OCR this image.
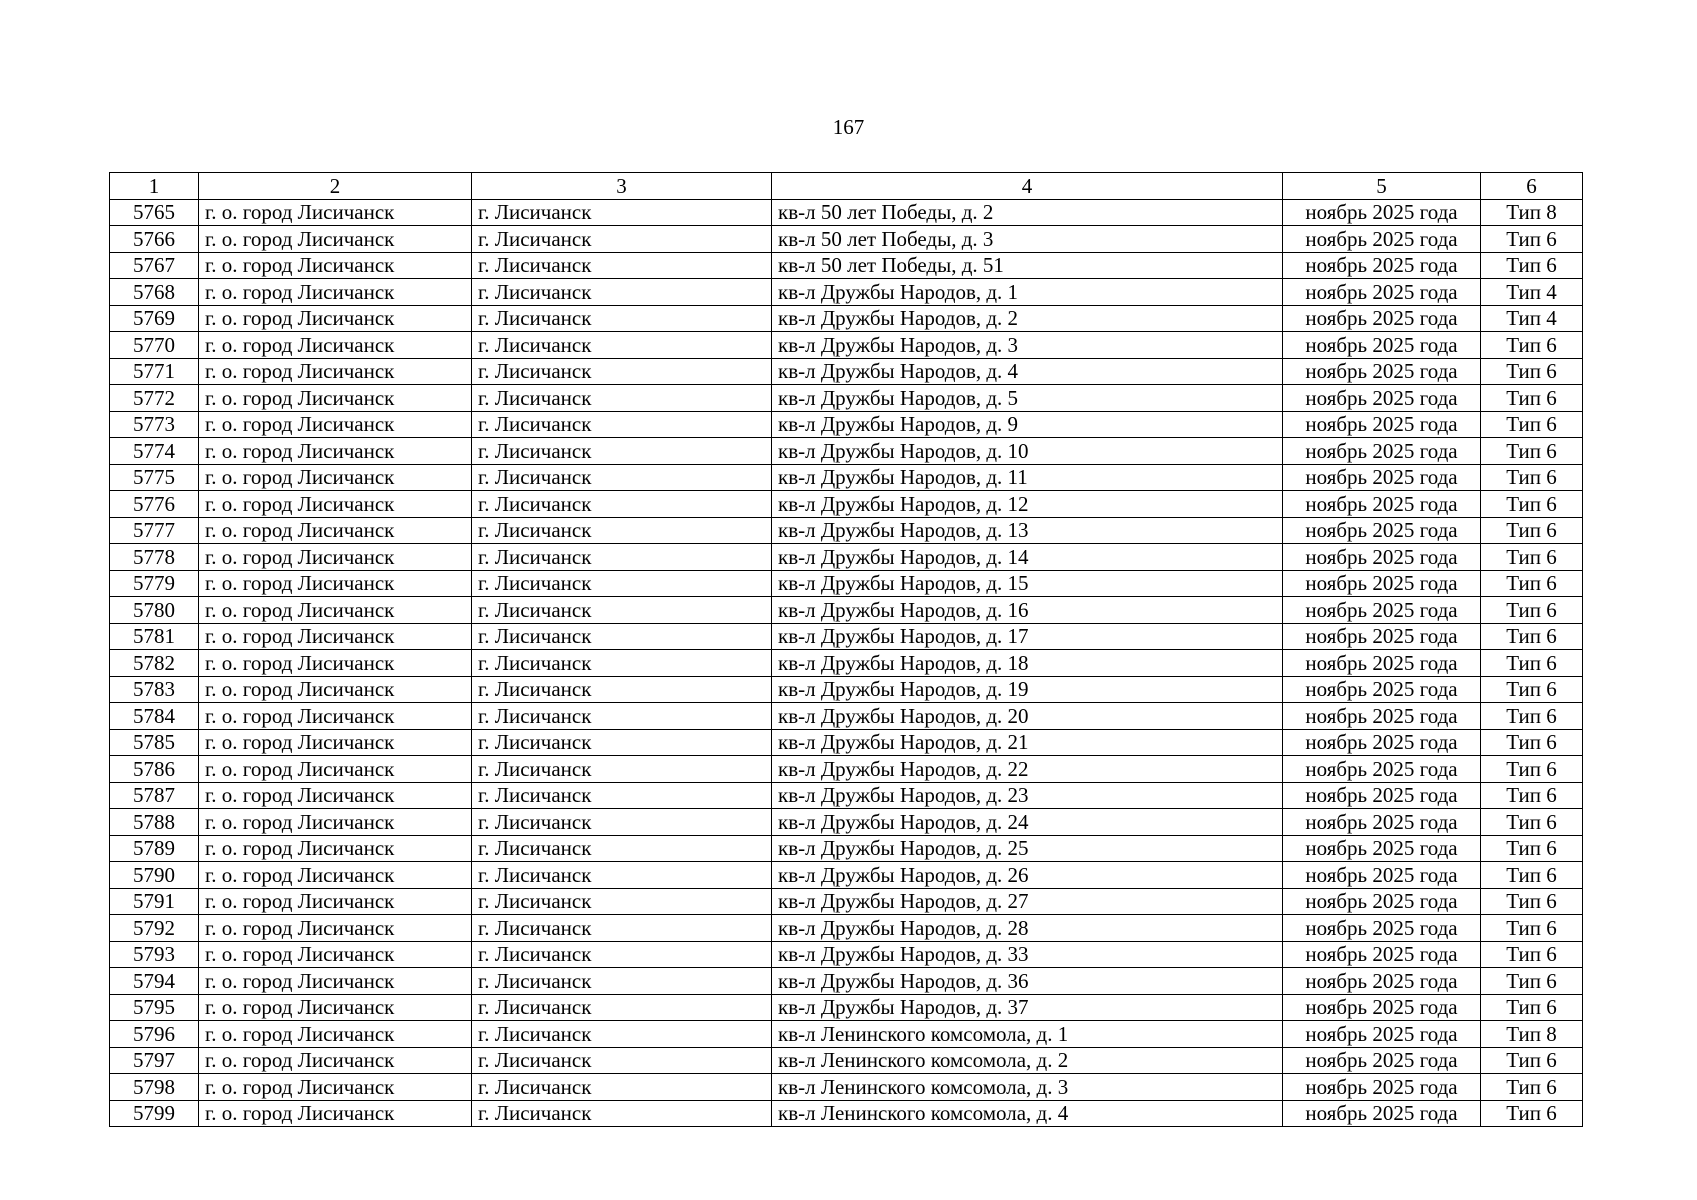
167
1	2	3	4	5	6
5765	г. о. город Лисичанск	г. Лисичанск	кв-л 50 лет Победы, д. 2	ноябрь 2025 года	Тип 8
5766	г. о. город Лисичанск	г. Лисичанск	кв-л 50 лет Победы, д. 3	ноябрь 2025 года	Тип 6
5767	г. о. город Лисичанск	г. Лисичанск	кв-л 50 лет Победы, д. 51	ноябрь 2025 года	Тип 6
5768	г. о. город Лисичанск	г. Лисичанск	кв-л Дружбы Народов, д. 1	ноябрь 2025 года	Тип 4
5769	г. о. город Лисичанск	г. Лисичанск	кв-л Дружбы Народов, д. 2	ноябрь 2025 года	Тип 4
5770	г. о. город Лисичанск	г. Лисичанск	кв-л Дружбы Народов, д. 3	ноябрь 2025 года	Тип 6
5771	г. о. город Лисичанск	г. Лисичанск	кв-л Дружбы Народов, д. 4	ноябрь 2025 года	Тип 6
5772	г. о. город Лисичанск	г. Лисичанск	кв-л Дружбы Народов, д. 5	ноябрь 2025 года	Тип 6
5773	г. о. город Лисичанск	г. Лисичанск	кв-л Дружбы Народов, д. 9	ноябрь 2025 года	Тип 6
5774	г. о. город Лисичанск	г. Лисичанск	кв-л Дружбы Народов, д. 10	ноябрь 2025 года	Тип 6
5775	г. о. город Лисичанск	г. Лисичанск	кв-л Дружбы Народов, д. 11	ноябрь 2025 года	Тип 6
5776	г. о. город Лисичанск	г. Лисичанск	кв-л Дружбы Народов, д. 12	ноябрь 2025 года	Тип 6
5777	г. о. город Лисичанск	г. Лисичанск	кв-л Дружбы Народов, д. 13	ноябрь 2025 года	Тип 6
5778	г. о. город Лисичанск	г. Лисичанск	кв-л Дружбы Народов, д. 14	ноябрь 2025 года	Тип 6
5779	г. о. город Лисичанск	г. Лисичанск	кв-л Дружбы Народов, д. 15	ноябрь 2025 года	Тип 6
5780	г. о. город Лисичанск	г. Лисичанск	кв-л Дружбы Народов, д. 16	ноябрь 2025 года	Тип 6
5781	г. о. город Лисичанск	г. Лисичанск	кв-л Дружбы Народов, д. 17	ноябрь 2025 года	Тип 6
5782	г. о. город Лисичанск	г. Лисичанск	кв-л Дружбы Народов, д. 18	ноябрь 2025 года	Тип 6
5783	г. о. город Лисичанск	г. Лисичанск	кв-л Дружбы Народов, д. 19	ноябрь 2025 года	Тип 6
5784	г. о. город Лисичанск	г. Лисичанск	кв-л Дружбы Народов, д. 20	ноябрь 2025 года	Тип 6
5785	г. о. город Лисичанск	г. Лисичанск	кв-л Дружбы Народов, д. 21	ноябрь 2025 года	Тип 6
5786	г. о. город Лисичанск	г. Лисичанск	кв-л Дружбы Народов, д. 22	ноябрь 2025 года	Тип 6
5787	г. о. город Лисичанск	г. Лисичанск	кв-л Дружбы Народов, д. 23	ноябрь 2025 года	Тип 6
5788	г. о. город Лисичанск	г. Лисичанск	кв-л Дружбы Народов, д. 24	ноябрь 2025 года	Тип 6
5789	г. о. город Лисичанск	г. Лисичанск	кв-л Дружбы Народов, д. 25	ноябрь 2025 года	Тип 6
5790	г. о. город Лисичанск	г. Лисичанск	кв-л Дружбы Народов, д. 26	ноябрь 2025 года	Тип 6
5791	г. о. город Лисичанск	г. Лисичанск	кв-л Дружбы Народов, д. 27	ноябрь 2025 года	Тип 6
5792	г. о. город Лисичанск	г. Лисичанск	кв-л Дружбы Народов, д. 28	ноябрь 2025 года	Тип 6
5793	г. о. город Лисичанск	г. Лисичанск	кв-л Дружбы Народов, д. 33	ноябрь 2025 года	Тип 6
5794	г. о. город Лисичанск	г. Лисичанск	кв-л Дружбы Народов, д. 36	ноябрь 2025 года	Тип 6
5795	г. о. город Лисичанск	г. Лисичанск	кв-л Дружбы Народов, д. 37	ноябрь 2025 года	Тип 6
5796	г. о. город Лисичанск	г. Лисичанск	кв-л Ленинского комсомола, д. 1	ноябрь 2025 года	Тип 8
5797	г. о. город Лисичанск	г. Лисичанск	кв-л Ленинского комсомола, д. 2	ноябрь 2025 года	Тип 6
5798	г. о. город Лисичанск	г. Лисичанск	кв-л Ленинского комсомола, д. 3	ноябрь 2025 года	Тип 6
5799	г. о. город Лисичанск	г. Лисичанск	кв-л Ленинского комсомола, д. 4	ноябрь 2025 года	Тип 6
